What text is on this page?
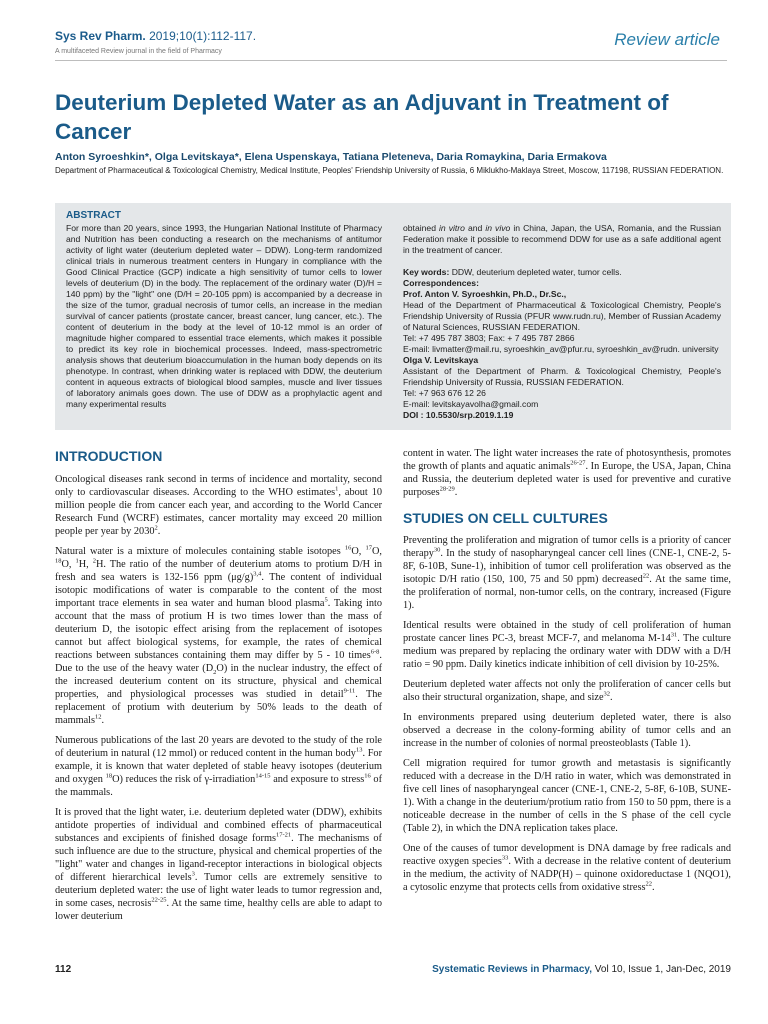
Sys Rev Pharm. 2019;10(1):112-117.
A multifaceted Review journal in the field of Pharmacy
Review article
Deuterium Depleted Water as an Adjuvant in Treatment of Cancer
Anton Syroeshkin*, Olga Levitskaya*, Elena Uspenskaya, Tatiana Pleteneva, Daria Romaykina, Daria Ermakova
Department of Pharmaceutical & Toxicological Chemistry, Medical Institute, Peoples' Friendship University of Russia, 6 Miklukho-Maklaya Street, Moscow, 117198, RUSSIAN FEDERATION.
ABSTRACT
For more than 20 years, since 1993, the Hungarian National Institute of Pharmacy and Nutrition has been conducting a research on the mechanisms of antitumor activity of light water (deuterium depleted water – DDW). Long-term randomized clinical trials in numerous treatment centers in Hungary in compliance with the Good Clinical Practice (GCP) indicate a high sensitivity of tumor cells to lower levels of deuterium (D) in the body. The replacement of the ordinary water (D)/H = 140 ppm) by the "light" one (D/H = 20-105 ppm) is accompanied by a decrease in the size of the tumor, gradual necrosis of tumor cells, an increase in the median survival of cancer patients (prostate cancer, breast cancer, lung cancer, etc.). The content of deuterium in the body at the level of 10-12 mmol is an order of magnitude higher compared to essential trace elements, which makes it possible to predict its key role in biochemical processes. Indeed, mass-spectrometric analysis shows that deuterium bioaccumulation in the human body depends on its phenotype. In contrast, when drinking water is replaced with DDW, the deuterium content in aqueous extracts of biological blood samples, muscle and liver tissues of laboratory animals goes down. The use of DDW as a prophylactic agent and many experimental results

obtained in vitro and in vivo in China, Japan, the USA, Romania, and the Russian Federation make it possible to recommend DDW for use as a safe additional agent in the treatment of cancer.

Key words: DDW, deuterium depleted water, tumor cells.

Correspondences:

Prof. Anton V. Syroeshkin, Ph.D., Dr.Sc.,

Head of the Department of Pharmaceutical & Toxicological Chemistry, People's Friendship University of Russia (PFUR www.rudn.ru), Member of Russian Academy of Natural Sciences, RUSSIAN FEDERATION.

Tel: +7 495 787 3803; Fax: + 7 495 787 2866

E-mail: livmatter@mail.ru, syroeshkin_av@pfur.ru, syroeshkin_av@rudn. university

Olga V. Levitskaya

Assistant of the Department of Pharm. & Toxicological Chemistry, People's Friendship University of Russia, RUSSIAN FEDERATION.

Tel: +7 963 676 12 26

E-mail: levitskayavolha@gmail.com

DOI : 10.5530/srp.2019.1.19

INTRODUCTION

Oncological diseases rank second in terms of incidence and mortality, second only to cardiovascular diseases. According to the WHO estimates$^1$, about 10 million people die from cancer each year, and according to the World Cancer Research Fund (WCRF) estimates, cancer mortality may exceed 20 million people per year by 2030$^2$.

Natural water is a mixture of molecules containing stable isotopes $^{16}$O, $^{17}$O, $^{18}$O, $^1$H, $^2$H. The ratio of the number of deuterium atoms to protium D/H in fresh and sea waters is 132-156 ppm $(\mu g/g)^{3,4}$. The content of individual isotopic modifications of water is comparable to the content of the most important trace elements in sea water and human blood plasma$^5$. Taking into account that the mass of protium H is two times lower than the mass of deuterium D, the isotopic effect arising from the replacement of isotopes cannot but affect biological systems, for example, the rates of chemical reactions between substances containing them may differ by 5 - 10 times$^{6-8}$. Due to the use of the heavy water $(D_2O)$ in the nuclear industry, the effect of the increased deuterium content on its structure, physical and chemical properties, and physiological processes was studied in detail$^{9-11}$. The replacement of protium with deuterium by 50% leads to the death of mammals$^{12}$.

Numerous publications of the last 20 years are devoted to the study of the role of deuterium in natural (12 mmol) or reduced content in the human body$^{13}$. For example, it is known that water depleted of stable heavy isotopes (deuterium and oxygen $^{18}$O) reduces the risk of γ-irradiation$^{14-15}$ and exposure to stress$^{16}$ of the mammals.

It is proved that the light water, i.e. deuterium depleted water (DDW), exhibits antidote properties of individual and combined effects of pharmaceutical substances and excipients of finished dosage forms$^{17-21}$. The mechanisms of such influence are due to the structure, physical and chemical properties of the "light" water and changes in ligand-receptor interactions in biological objects of different hierarchical levels$^3$. Tumor cells are extremely sensitive to deuterium depleted water: the use of light water leads to tumor regression and, in some cases, necrosis$^{22-25}$. At the same time, healthy cells are able to adapt to lower deuterium

content in water. The light water increases the rate of photosynthesis, promotes the growth of plants and aquatic animals$^{26-27}$. In Europe, the USA, Japan, China and Russia, the deuterium depleted water is used for preventive and curative purposes$^{28-29}$.

STUDIES ON CELL CULTURES

Preventing the proliferation and migration of tumor cells is a priority of cancer therapy$^{30}$. In the study of nasopharyngeal cancer cell lines (CNE-1, CNE-2, 5-8F, 6-10B, Sune-1), inhibition of tumor cell proliferation was observed as the isotopic D/H ratio (150, 100, 75 and 50 ppm) decreased$^{22}$. At the same time, the proliferation of normal, non-tumor cells, on the contrary, increased (Figure 1).

Identical results were obtained in the study of cell proliferation of human prostate cancer lines PC-3, breast MCF-7, and melanoma $M-14^{31}$. The culture medium was prepared by replacing the ordinary water with DDW with a D/H ratio = 90 ppm. Daily kinetics indicate inhibition of cell division by 10-25%.

Deuterium depleted water affects not only the proliferation of cancer cells but also their structural organization, shape, and size$^{32}$.

In environments prepared using deuterium depleted water, there is also observed a decrease in the colony-forming ability of tumor cells and an increase in the number of colonies of normal preosteoblasts (Table 1).

Cell migration required for tumor growth and metastasis is significantly reduced with a decrease in the D/H ratio in water, which was demonstrated in five cell lines of nasopharyngeal cancer (CNE-1, CNE-2, 5-8F, 6-10B, SUNE-1). With a change in the deuterium/protium ratio from 150 to 50 ppm, there is a noticeable decrease in the number of cells in the S phase of the cell cycle (Table 2), in which the DNA replication takes place.

One of the causes of tumor development is DNA damage by free radicals and reactive oxygen species$^{33}$. With a decrease in the relative content of deuterium in the medium, the activity of NADP(H) – quinone oxidoreductase 1 (NQO1), a cytosolic enzyme that protects cells from oxidative stress$^{22}$.

112	Systematic Reviews in Pharmacy, Vol 10, Issue 1, Jan-Dec, 2019
